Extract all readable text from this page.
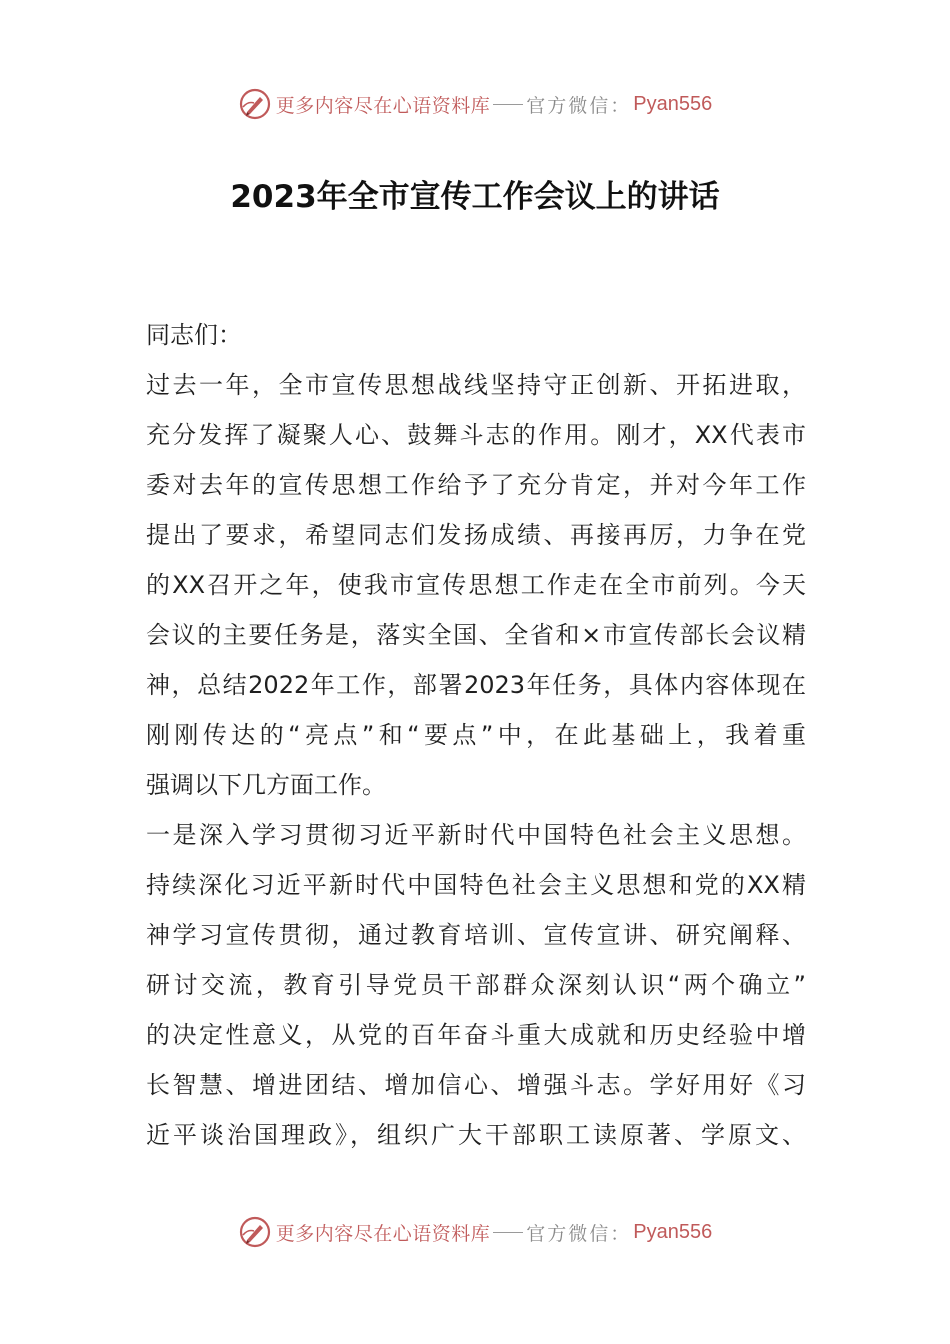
更多内容尽在心语资料库 官方微信： Pyan556
2023年全市宣传工作会议上的讲话
同志们：
过去一年，全市宣传思想战线坚持守正创新、开拓进取，
充分发挥了凝聚人心、鼓舞斗志的作用。刚才，XX代表市
委对去年的宣传思想工作给予了充分肯定，并对今年工作
提出了要求，希望同志们发扬成绩、再接再厉，力争在党
的XX召开之年，使我市宣传思想工作走在全市前列。今天
会议的主要任务是，落实全国、全省和×市宣传部长会议精
神，总结2022年工作，部署2023年任务，具体内容体现在
刚刚传达的“亮点”和“要点”中，在此基础上，我着重
强调以下几方面工作。
一是深入学习贯彻习近平新时代中国特色社会主义思想。
持续深化习近平新时代中国特色社会主义思想和党的XX精
神学习宣传贯彻，通过教育培训、宣传宣讲、研究阐释、
研讨交流，教育引导党员干部群众深刻认识“两个确立”
的决定性意义，从党的百年奋斗重大成就和历史经验中增
长智慧、增进团结、增加信心、增强斗志。学好用好《习
近平谈治国理政》，组织广大干部职工读原著、学原文、
更多内容尽在心语资料库 官方微信： Pyan556
